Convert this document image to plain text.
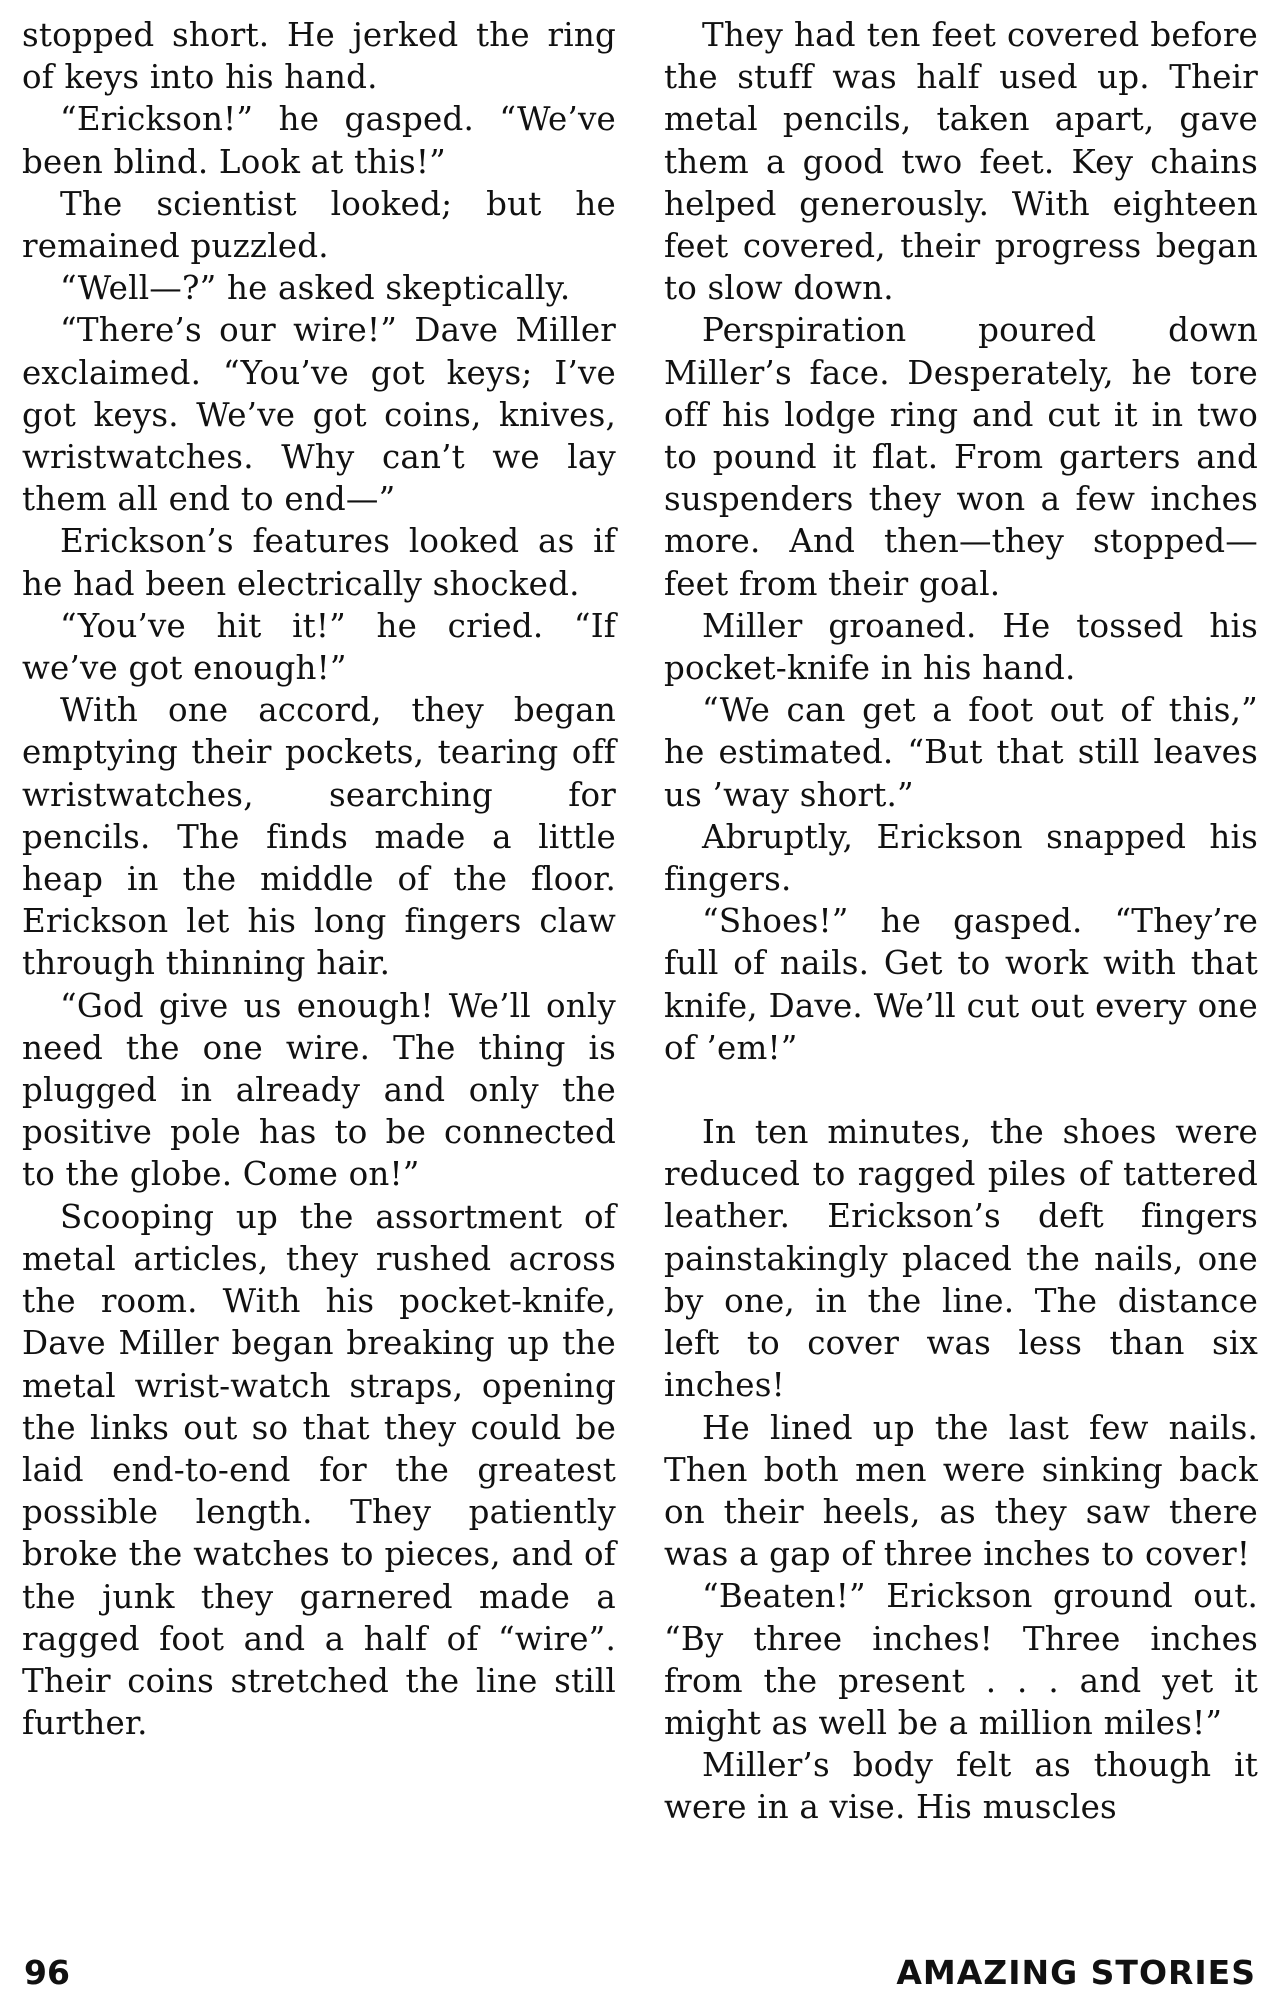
stopped short. He jerked the ring of keys into his hand.

“Erickson!” he gasped. “We’ve been blind. Look at this!”

The scientist looked; but he remained puzzled.

“Well—?” he asked skeptically.

“There’s our wire!” Dave Miller exclaimed. “You’ve got keys; I’ve got keys. We’ve got coins, knives, wristwatches. Why can’t we lay them all end to end—”

Erickson’s features looked as if he had been electrically shocked.

“You’ve hit it!” he cried. “If we’ve got enough!”

With one accord, they began emptying their pockets, tearing off wristwatches, searching for pencils. The finds made a little heap in the middle of the floor. Erickson let his long fingers claw through thinning hair.

“God give us enough! We’ll only need the one wire. The thing is plugged in already and only the positive pole has to be connected to the globe. Come on!”

Scooping up the assortment of metal articles, they rushed across the room. With his pocket-knife, Dave Miller began breaking up the metal wrist-watch straps, opening the links out so that they could be laid end-to-end for the greatest possible length. They patiently broke the watches to pieces, and of the junk they garnered made a ragged foot and a half of “wire”. Their coins stretched the line still further.

They had ten feet covered before the stuff was half used up. Their metal pencils, taken apart, gave them a good two feet. Key chains helped generously. With eighteen feet covered, their progress began to slow down.

Perspiration poured down Miller’s face. Desperately, he tore off his lodge ring and cut it in two to pound it flat. From garters and suspenders they won a few inches more. And then—they stopped—feet from their goal.

Miller groaned. He tossed his pocket-knife in his hand.

“We can get a foot out of this,” he estimated. “But that still leaves us ’way short.”

Abruptly, Erickson snapped his fingers.

“Shoes!” he gasped. “They’re full of nails. Get to work with that knife, Dave. We’ll cut out every one of ’em!”

In ten minutes, the shoes were reduced to ragged piles of tattered leather. Erickson’s deft fingers painstakingly placed the nails, one by one, in the line. The distance left to cover was less than six inches!

He lined up the last few nails. Then both men were sinking back on their heels, as they saw there was a gap of three inches to cover!

“Beaten!” Erickson ground out. “By three inches! Three inches from the present . . . and yet it might as well be a million miles!”

Miller’s body felt as though it were in a vise. His muscles

96	AMAZING STORIES
